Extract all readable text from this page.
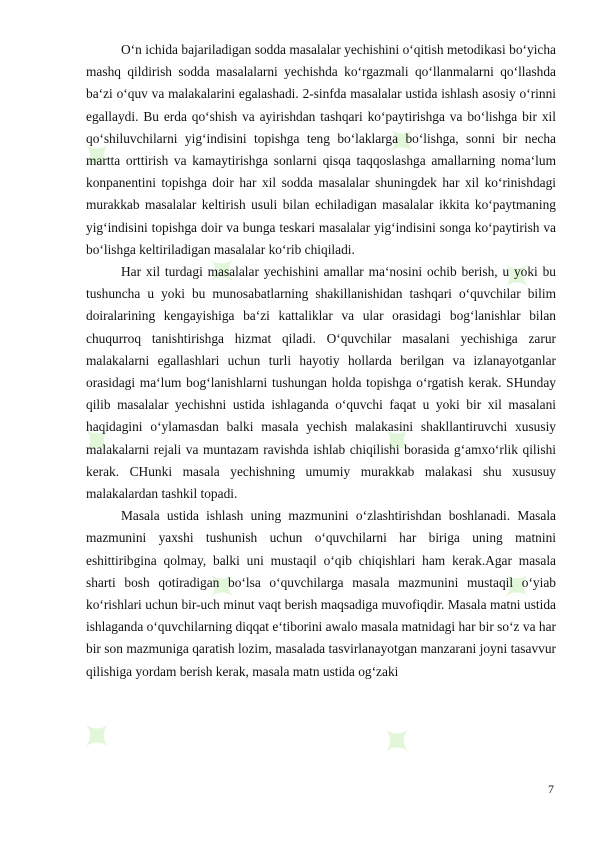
✦	✦
✦	✦
✦	✦
✦	✦
✦	✦

O‘n ichida bajariladigan sodda masalalar yechishini o‘qitish metodikasi bo‘yicha mashq qildirish sodda masalalarni yechishda ko‘rgazmali qo‘llanmalarni qo‘llashda ba‘zi o‘quv va malakalarini egalashadi. 2-sinfda masalalar ustida ishlash asosiy o‘rinni egallaydi. Bu erda qo‘shish va ayirishdan tashqari ko‘paytirishga va bo‘lishga bir xil qo‘shiluvchilarni yig‘indisini topishga teng bo‘laklarga bo‘lishga, sonni bir necha martta orttirish va kamaytirishga sonlarni qisqa taqqoslashga amallarning noma‘lum konpanentini topishga doir har xil sodda masalalar shuningdek har xil ko‘rinishdagi murakkab masalalar keltirish usuli bilan echiladigan masalalar ikkita ko‘paytmaning yig‘indisini topishga doir va bunga teskari masalalar yig‘indisini songa ko‘paytirish va bo‘lishga keltiriladigan masalalar ko‘rib chiqiladi.

Har xil turdagi masalalar yechishini amallar ma‘nosini ochib berish, u yoki bu tushuncha u yoki bu munosabatlarning shakillanishidan tashqari o‘quvchilar bilim doiralarining kengayishiga ba‘zi kattaliklar va ular orasidagi bog‘lanishlar bilan chuqurroq tanishtirishga hizmat qiladi. O‘quvchilar masalani yechishiga zarur malakalarni egallashlari uchun turli hayotiy hollarda berilgan va izlanayotganlar orasidagi ma‘lum bog‘lanishlarni tushungan holda topishga o‘rgatish kerak. SHunday qilib masalalar yechishni ustida ishlaganda o‘quvchi faqat u yoki bir xil masalani haqidagini o‘ylamasdan balki masala yechish malakasini shakllantiruvchi xususiy malakalarni rejali va muntazam ravishda ishlab chiqilishi borasida g‘amxo‘rlik qilishi kerak. CHunki masala yechishning umumiy murakkab malakasi shu xususuy malakalardan tashkil topadi.

Masala ustida ishlash uning mazmunini o‘zlashtirishdan boshlanadi. Masala mazmunini yaxshi tushunish uchun o‘quvchilarni har biriga uning matnini eshittiribgina qolmay, balki uni mustaqil o‘qib chiqishlari ham kerak.Agar masala sharti bosh qotiradigan bo‘lsa o‘quvchilarga masala mazmunini mustaqil o‘yiab ko‘rishlari uchun bir-uch minut vaqt berish maqsadiga muvofiqdir. Masala matni ustida ishlaganda o‘quvchilarning diqqat e‘tiborini awalo masala matnidagi har bir so‘z va har bir son mazmuniga qaratish lozim, masalada tasvirlanayotgan manzarani joyni tasavvur qilishiga yordam berish kerak, masala matn ustida og‘zaki

7
